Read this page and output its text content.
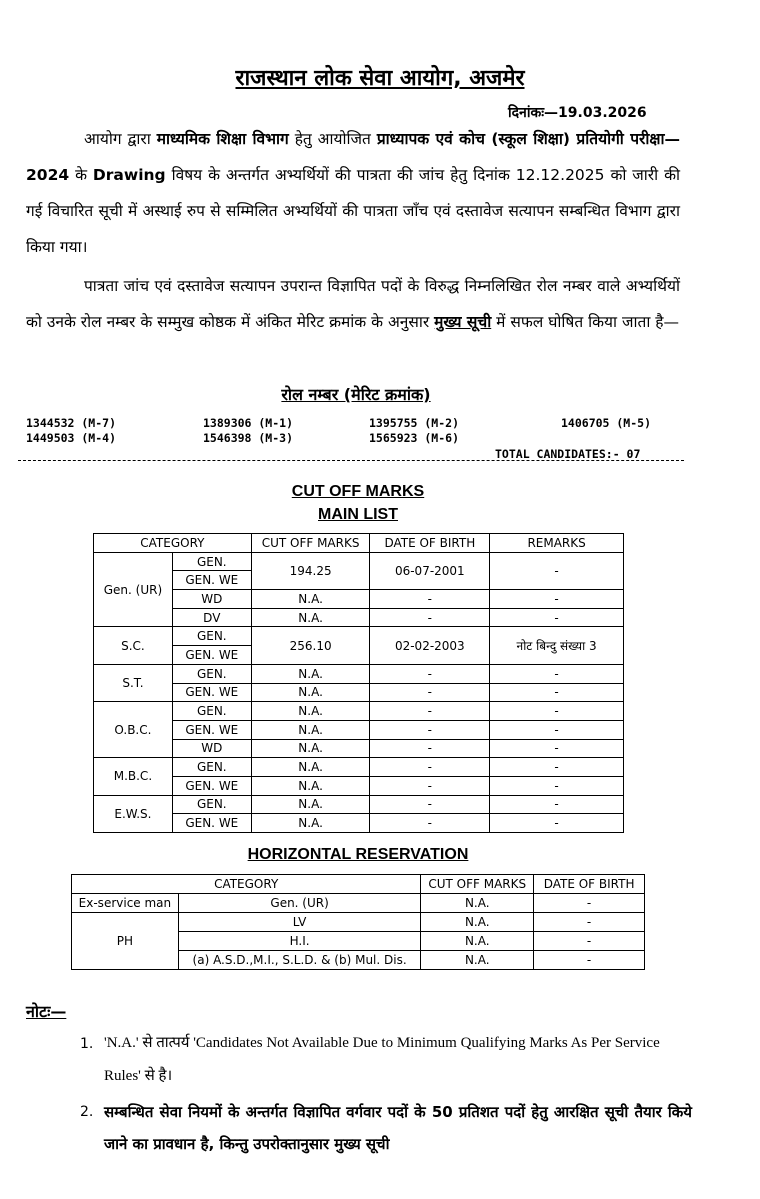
राजस्थान लोक सेवा आयोग, अजमेर
दिनांकः—19.03.2026

आयोग द्वारा माध्यमिक शिक्षा विभाग हेतु आयोजित प्राध्यापक एवं कोच (स्कूल शिक्षा) प्रतियोगी परीक्षा—2024 के Drawing विषय के अन्तर्गत अभ्यर्थियों की पात्रता की जांच हेतु दिनांक 12.12.2025 को जारी की गई विचारित सूची में अस्थाई रुप से सम्मिलित अभ्यर्थियों की पात्रता जाँच एवं दस्तावेज सत्यापन सम्बन्धित विभाग द्वारा किया गया।

पात्रता जांच एवं दस्तावेज सत्यापन उपरान्त विज्ञापित पदों के विरुद्ध निम्नलिखित रोल नम्बर वाले अभ्यर्थियों को उनके रोल नम्बर के सम्मुख कोष्ठक में अंकित मेरिट क्रमांक के अनुसार मुख्य सूची में सफल घोषित किया जाता है—

रोल नम्बर (मेरिट क्रमांक)
1344532 (M-7)	1389306 (M-1)	1395755 (M-2)	1406705 (M-5)
1449503 (M-4)	1546398 (M-3)	1565923 (M-6)
TOTAL CANDIDATES:- 07
CUT OFF MARKS
MAIN LIST
CATEGORY		CUT OFF MARKS	DATE OF BIRTH	REMARKS
Gen. (UR)	GEN.	194.25	06-07-2001	-
	GEN. WE			
	WD	N.A.	-	-
	DV	N.A.	-	-
S.C.	GEN.	256.10	02-02-2003	नोट बिन्दु संख्या 3
	GEN. WE			
S.T.	GEN.	N.A.	-	-
	GEN. WE	N.A.	-	-
O.B.C.	GEN.	N.A.	-	-
	GEN. WE	N.A.	-	-
	WD	N.A.	-	-
M.B.C.	GEN.	N.A.	-	-
	GEN. WE	N.A.	-	-
E.W.S.	GEN.	N.A.	-	-
	GEN. WE	N.A.	-	-
HORIZONTAL RESERVATION
CATEGORY		CUT OFF MARKS	DATE OF BIRTH
Ex-service man	Gen. (UR)	N.A.	-
PH	LV	N.A.	-
	H.I.	N.A.	-
	(a) A.S.D.,M.I., S.L.D. & (b) Mul. Dis.	N.A.	-
नोटः—
1. 'N.A.' से तात्पर्य 'Candidates Not Available Due to Minimum Qualifying Marks As Per Service Rules' से है।
2. सम्बन्धित सेवा नियमों के अन्तर्गत विज्ञापित वर्गवार पदों के 50 प्रतिशत पदों हेतु आरक्षित सूची तैयार किये जाने का प्रावधान है, किन्तु उपरोक्तानुसार मुख्य सूची
